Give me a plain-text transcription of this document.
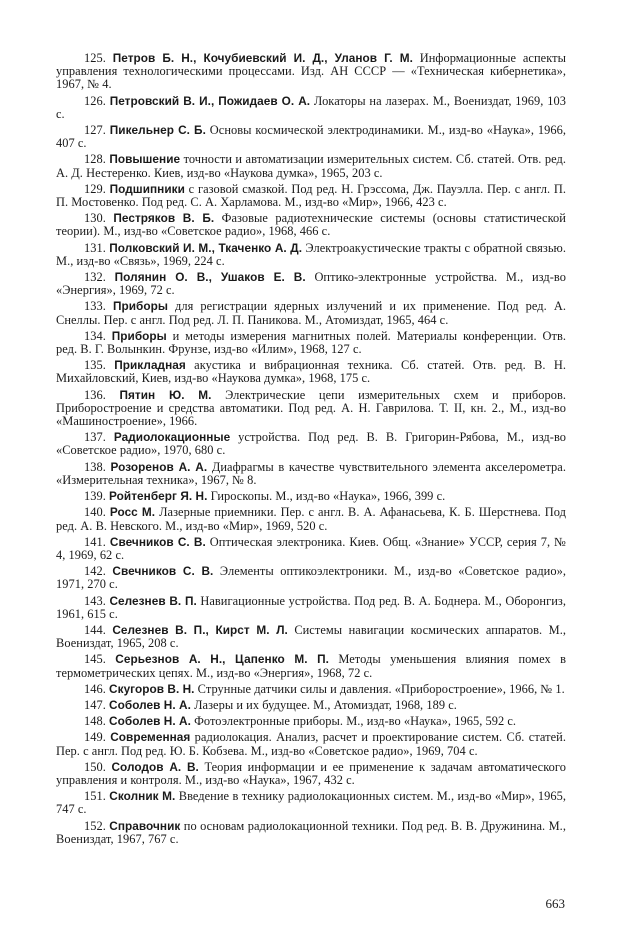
125. Петров Б. Н., Кочубиевский И. Д., Уланов Г. М. Информационные аспекты управления технологическими процессами. Изд. АН СССР — «Техническая кибернетика», 1967, № 4.

126. Петровский В. И., Пожидаев О. А. Локаторы на лазерах. М., Воениздат, 1969, 103 с.

127. Пикельнер С. Б. Основы космической электродинамики. М., изд-во «Наука», 1966, 407 с.

128. Повышение точности и автоматизации измерительных систем. Сб. статей. Отв. ред. А. Д. Нестеренко. Киев, изд-во «Наукова думка», 1965, 203 с.

129. Подшипники с газовой смазкой. Под ред. Н. Грэссома, Дж. Пауэлла. Пер. с англ. П. П. Мостовенко. Под ред. С. А. Харламова. М., изд-во «Мир», 1966, 423 с.

130. Пестряков В. Б. Фазовые радиотехнические системы (основы статистической теории). М., изд-во «Советское радио», 1968, 466 с.

131. Полковский И. М., Ткаченко А. Д. Электроакустические тракты с обратной связью. М., изд-во «Связь», 1969, 224 с.

132. Полянин О. В., Ушаков Е. В. Оптико-электронные устройства. М., изд-во «Энергия», 1969, 72 с.

133. Приборы для регистрации ядерных излучений и их применение. Под ред. А. Снеллы. Пер. с англ. Под ред. Л. П. Паникова. М., Атомиздат, 1965, 464 с.

134. Приборы и методы измерения магнитных полей. Материалы конференции. Отв. ред. В. Г. Волынкин. Фрунзе, изд-во «Илим», 1968, 127 с.

135. Прикладная акустика и вибрационная техника. Сб. статей. Отв. ред. В. Н. Михайловский, Киев, изд-во «Наукова думка», 1968, 175 с.

136. Пятин Ю. М. Электрические цепи измерительных схем и приборов. Приборостроение и средства автоматики. Под ред. А. Н. Гаврилова. Т. II, кн. 2., М., изд-во «Машиностроение», 1966.

137. Радиолокационные устройства. Под ред. В. В. Григорин-Рябова, М., изд-во «Советское радио», 1970, 680 с.

138. Розоренов А. А. Диафрагмы в качестве чувствительного элемента акселерометра. «Измерительная техника», 1967, № 8.

139. Ройтенберг Я. Н. Гироскопы. М., изд-во «Наука», 1966, 399 с.

140. Росс М. Лазерные приемники. Пер. с англ. В. А. Афанасьева, К. Б. Шерстнева. Под ред. А. В. Невского. М., изд-во «Мир», 1969, 520 с.

141. Свечников С. В. Оптическая электроника. Киев. Общ. «Знание» УССР, серия 7, № 4, 1969, 62 с.

142. Свечников С. В. Элементы оптикоэлектроники. М., изд-во «Советское радио», 1971, 270 с.

143. Селезнев В. П. Навигационные устройства. Под ред. В. А. Боднера. М., Оборонгиз, 1961, 615 с.

144. Селезнев В. П., Кирст М. Л. Системы навигации космических аппаратов. М., Воениздат, 1965, 208 с.

145. Серьезнов А. Н., Цапенко М. П. Методы уменьшения влияния помех в термометрических цепях. М., изд-во «Энергия», 1968, 72 с.

146. Скугоров В. Н. Струнные датчики силы и давления. «Приборостроение», 1966, № 1.

147. Соболев Н. А. Лазеры и их будущее. М., Атомиздат, 1968, 189 с.

148. Соболев Н. А. Фотоэлектронные приборы. М., изд-во «Наука», 1965, 592 с.

149. Современная радиолокация. Анализ, расчет и проектирование систем. Сб. статей. Пер. с англ. Под ред. Ю. Б. Кобзева. М., изд-во «Советское радио», 1969, 704 с.

150. Солодов А. В. Теория информации и ее применение к задачам автоматического управления и контроля. М., изд-во «Наука», 1967, 432 с.

151. Сколник М. Введение в технику радиолокационных систем. М., изд-во «Мир», 1965, 747 с.

152. Справочник по основам радиолокационной техники. Под ред. В. В. Дружинина. М., Воениздат, 1967, 767 с.

663
